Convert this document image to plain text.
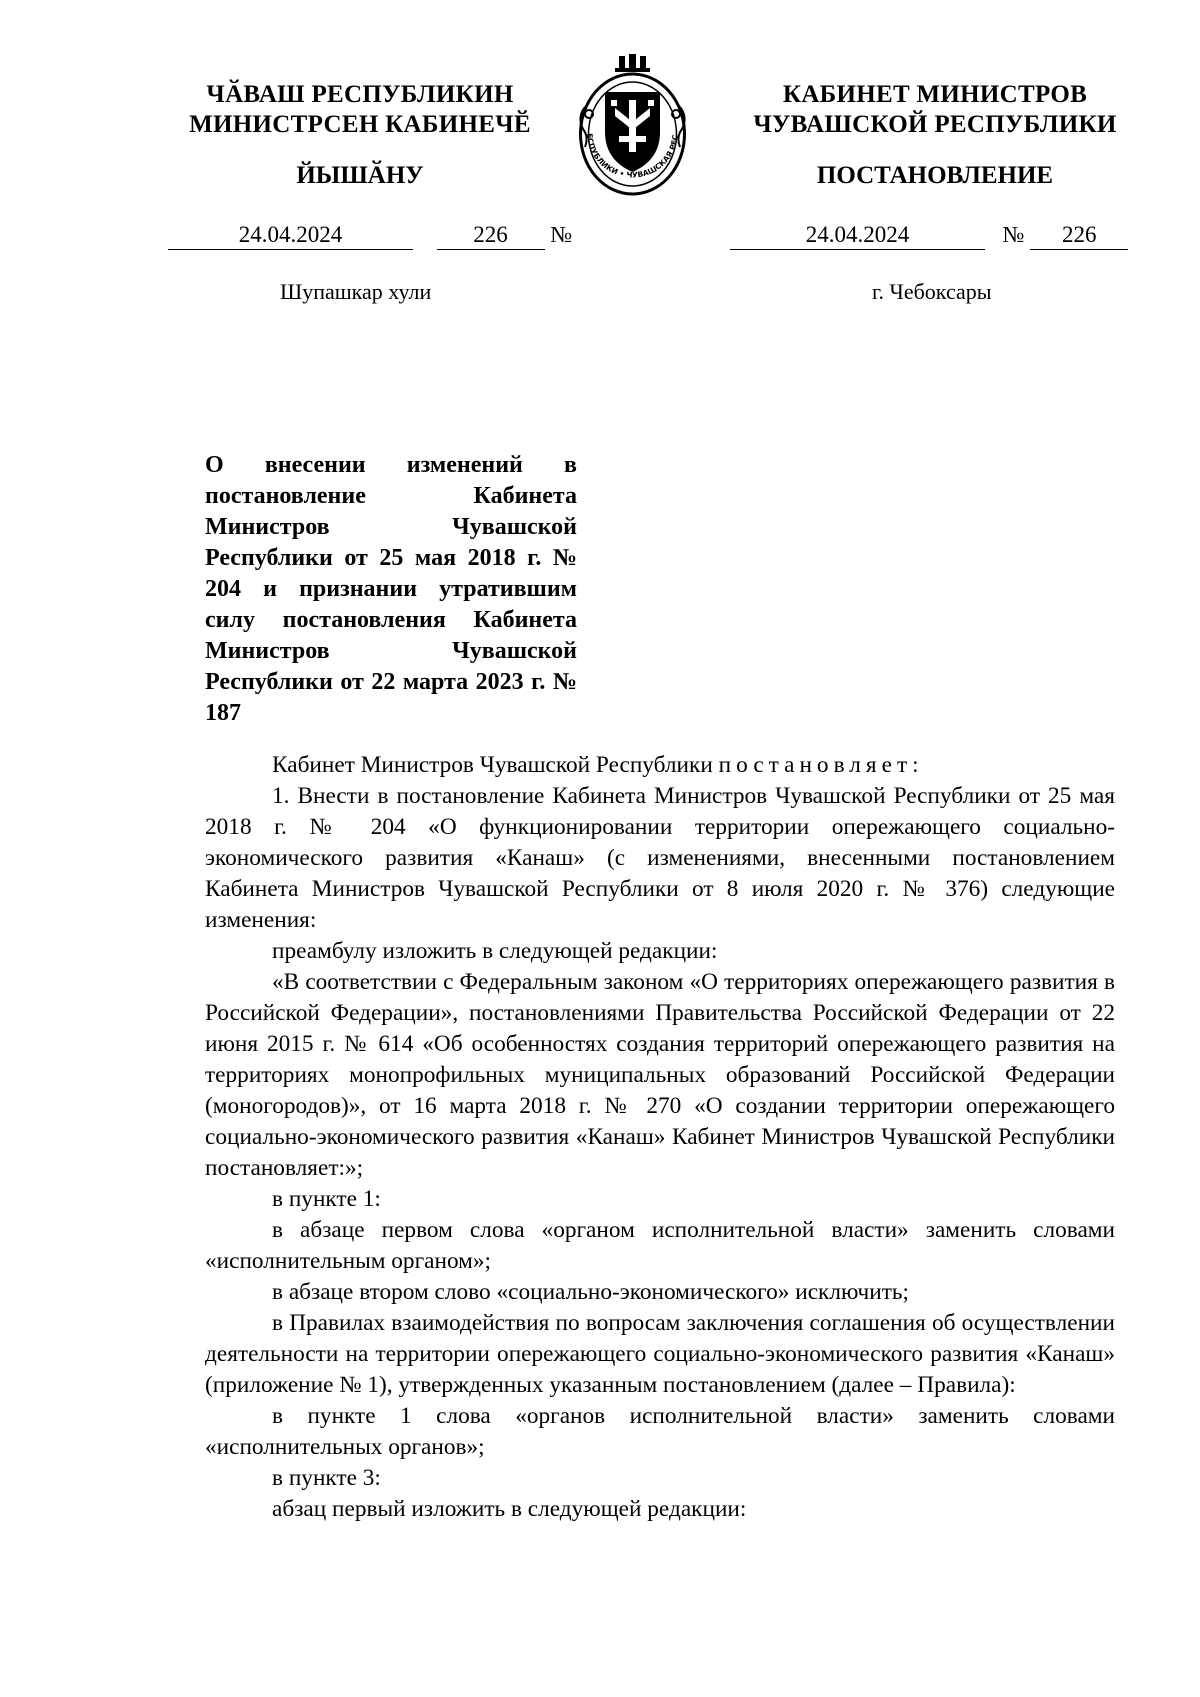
ЧӐВАШ РЕСПУБЛИКИН
МИНИСТРСЕН КАБИНЕЧӖ
ЙЫШӐНУ
ЕСПУБЛИКИ • ЧУВАШСКАЯ РЕС
КАБИНЕТ МИНИСТРОВ
ЧУВАШСКОЙ РЕСПУБЛИКИ
ПОСТАНОВЛЕНИЕ
24.04.2024	226 №	24.04.2024	№ 226
Шупашкар хули	г. Чебоксары
О внесении изменений в постановление Кабинета Министров Чувашской Республики от 25 мая 2018 г. № 204 и признании утратившим силу постановления Кабинета Министров Чувашской Республики от 22 марта 2023 г. № 187

Кабинет Министров Чувашской Республики постановляет:

1. Внести в постановление Кабинета Министров Чувашской Республики от 25 мая 2018 г. № 204 «О функционировании территории опережающего социально-экономического развития «Канаш» (с изменениями, внесенными постановлением Кабинета Министров Чувашской Республики от 8 июля 2020 г. № 376) следующие изменения:

преамбулу изложить в следующей редакции:

«В соответствии с Федеральным законом «О территориях опережающего развития в Российской Федерации», постановлениями Правительства Российской Федерации от 22 июня 2015 г. № 614 «Об особенностях создания территорий опережающего развития на территориях монопрофильных муниципальных образований Российской Федерации (моногородов)», от 16 марта 2018 г. № 270 «О создании территории опережающего социально-экономического развития «Канаш» Кабинет Министров Чувашской Республики постановляет:»;

в пункте 1:

в абзаце первом слова «органом исполнительной власти» заменить словами «исполнительным органом»;

в абзаце втором слово «социально-экономического» исключить;

в Правилах взаимодействия по вопросам заключения соглашения об осуществлении деятельности на территории опережающего социально-экономического развития «Канаш» (приложение № 1), утвержденных указанным постановлением (далее – Правила):

в пункте 1 слова «органов исполнительной власти» заменить словами «исполнительных органов»;

в пункте 3:

абзац первый изложить в следующей редакции:
